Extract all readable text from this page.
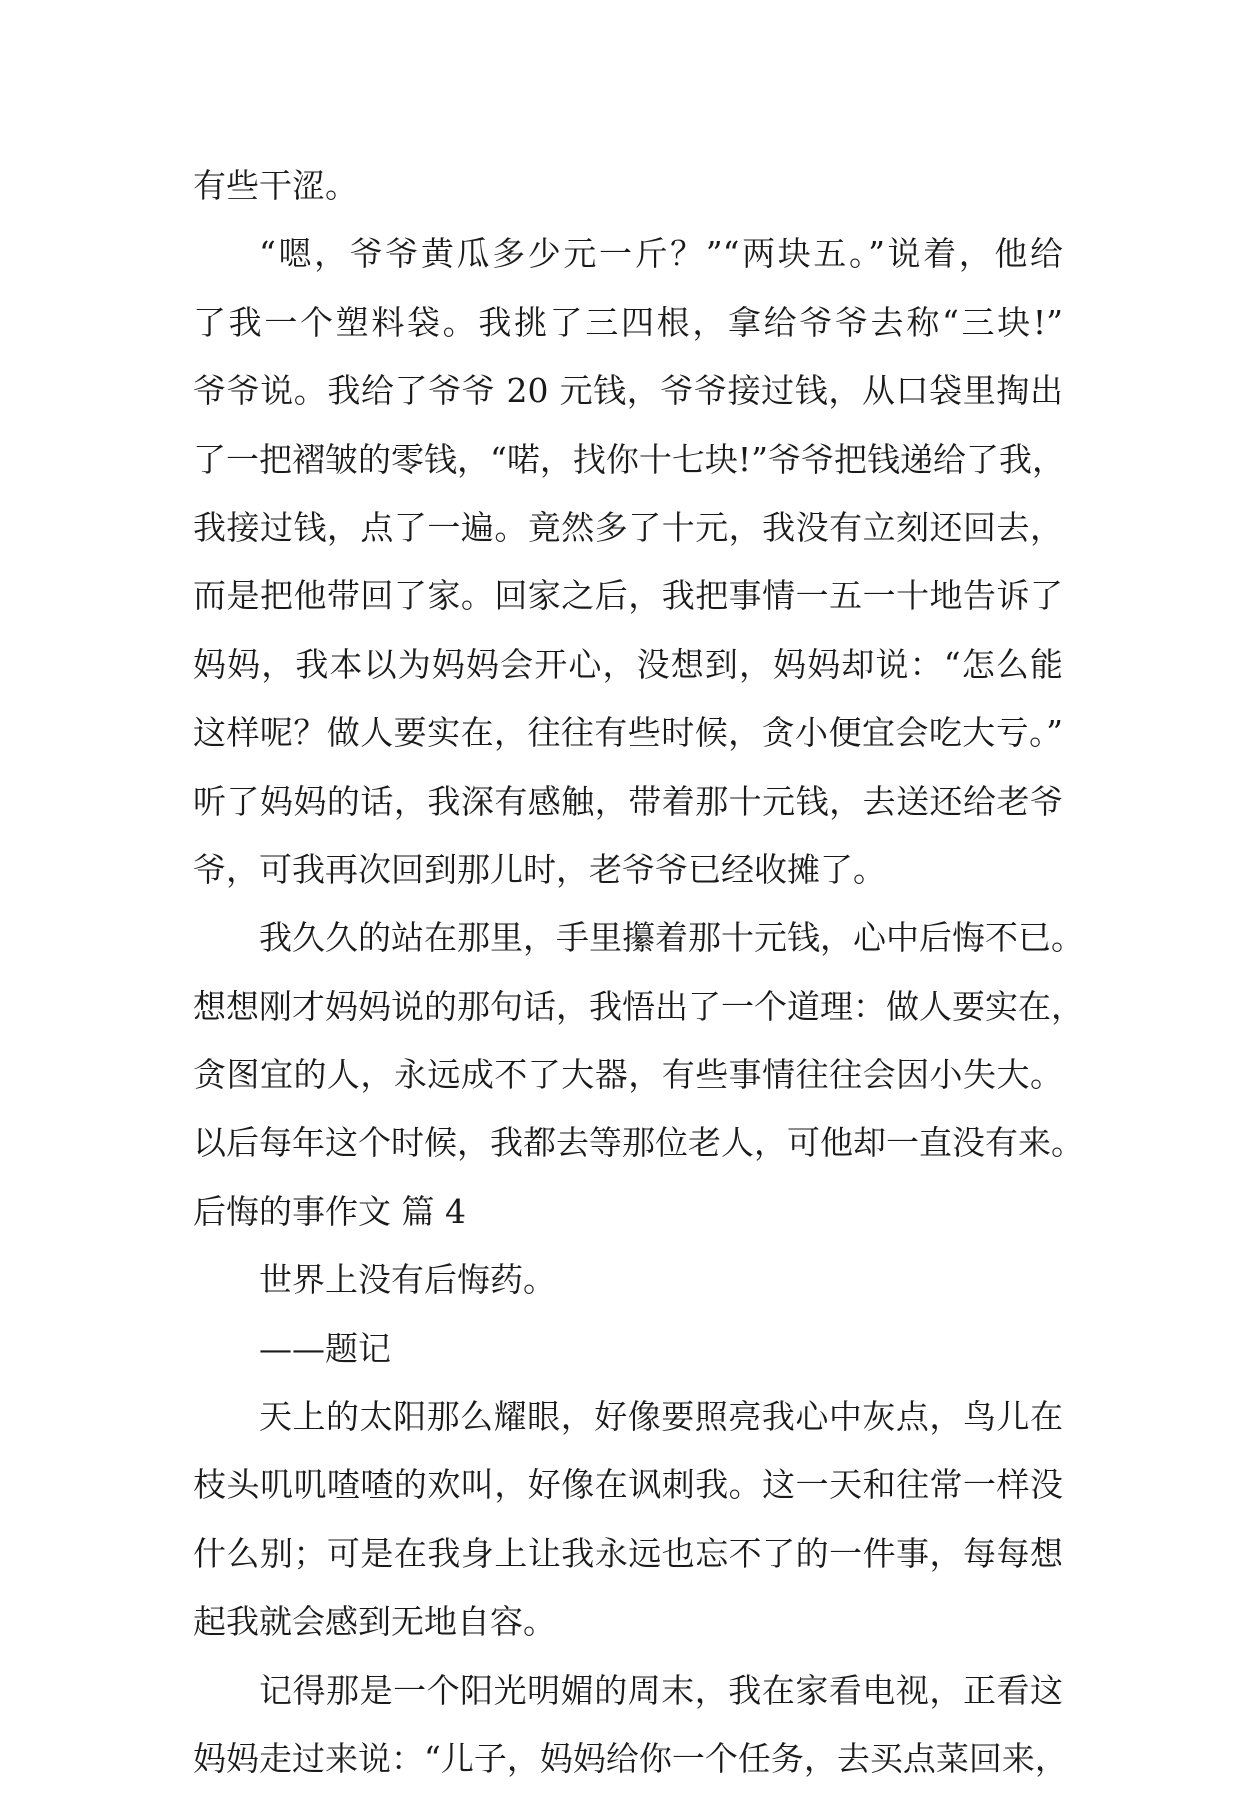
有些干涩。
“嗯，爷爷黄瓜多少元一斤？”“两块五。”说着，他给
了我一个塑料袋。我挑了三四根，拿给爷爷去称“三块!”
爷爷说。我给了爷爷 20 元钱，爷爷接过钱，从口袋里掏出
了一把褶皱的零钱，“喏，找你十七块!”爷爷把钱递给了我，
我接过钱，点了一遍。竟然多了十元，我没有立刻还回去，
而是把他带回了家。回家之后，我把事情一五一十地告诉了
妈妈，我本以为妈妈会开心，没想到，妈妈却说：“怎么能
这样呢？做人要实在，往往有些时候，贪小便宜会吃大亏。”
听了妈妈的话，我深有感触，带着那十元钱，去送还给老爷
爷，可我再次回到那儿时，老爷爷已经收摊了。
我久久的站在那里，手里攥着那十元钱，心中后悔不已。
想想刚才妈妈说的那句话，我悟出了一个道理：做人要实在，
贪图宜的人，永远成不了大器，有些事情往往会因小失大。
以后每年这个时候，我都去等那位老人，可他却一直没有来。
后悔的事作文 篇 4
世界上没有后悔药。
——题记
天上的太阳那么耀眼，好像要照亮我心中灰点，鸟儿在
枝头叽叽喳喳的欢叫，好像在讽刺我。这一天和往常一样没
什么别；可是在我身上让我永远也忘不了的一件事，每每想
起我就会感到无地自容。
记得那是一个阳光明媚的周末，我在家看电视，正看这
妈妈走过来说：“儿子，妈妈给你一个任务，去买点菜回来，
